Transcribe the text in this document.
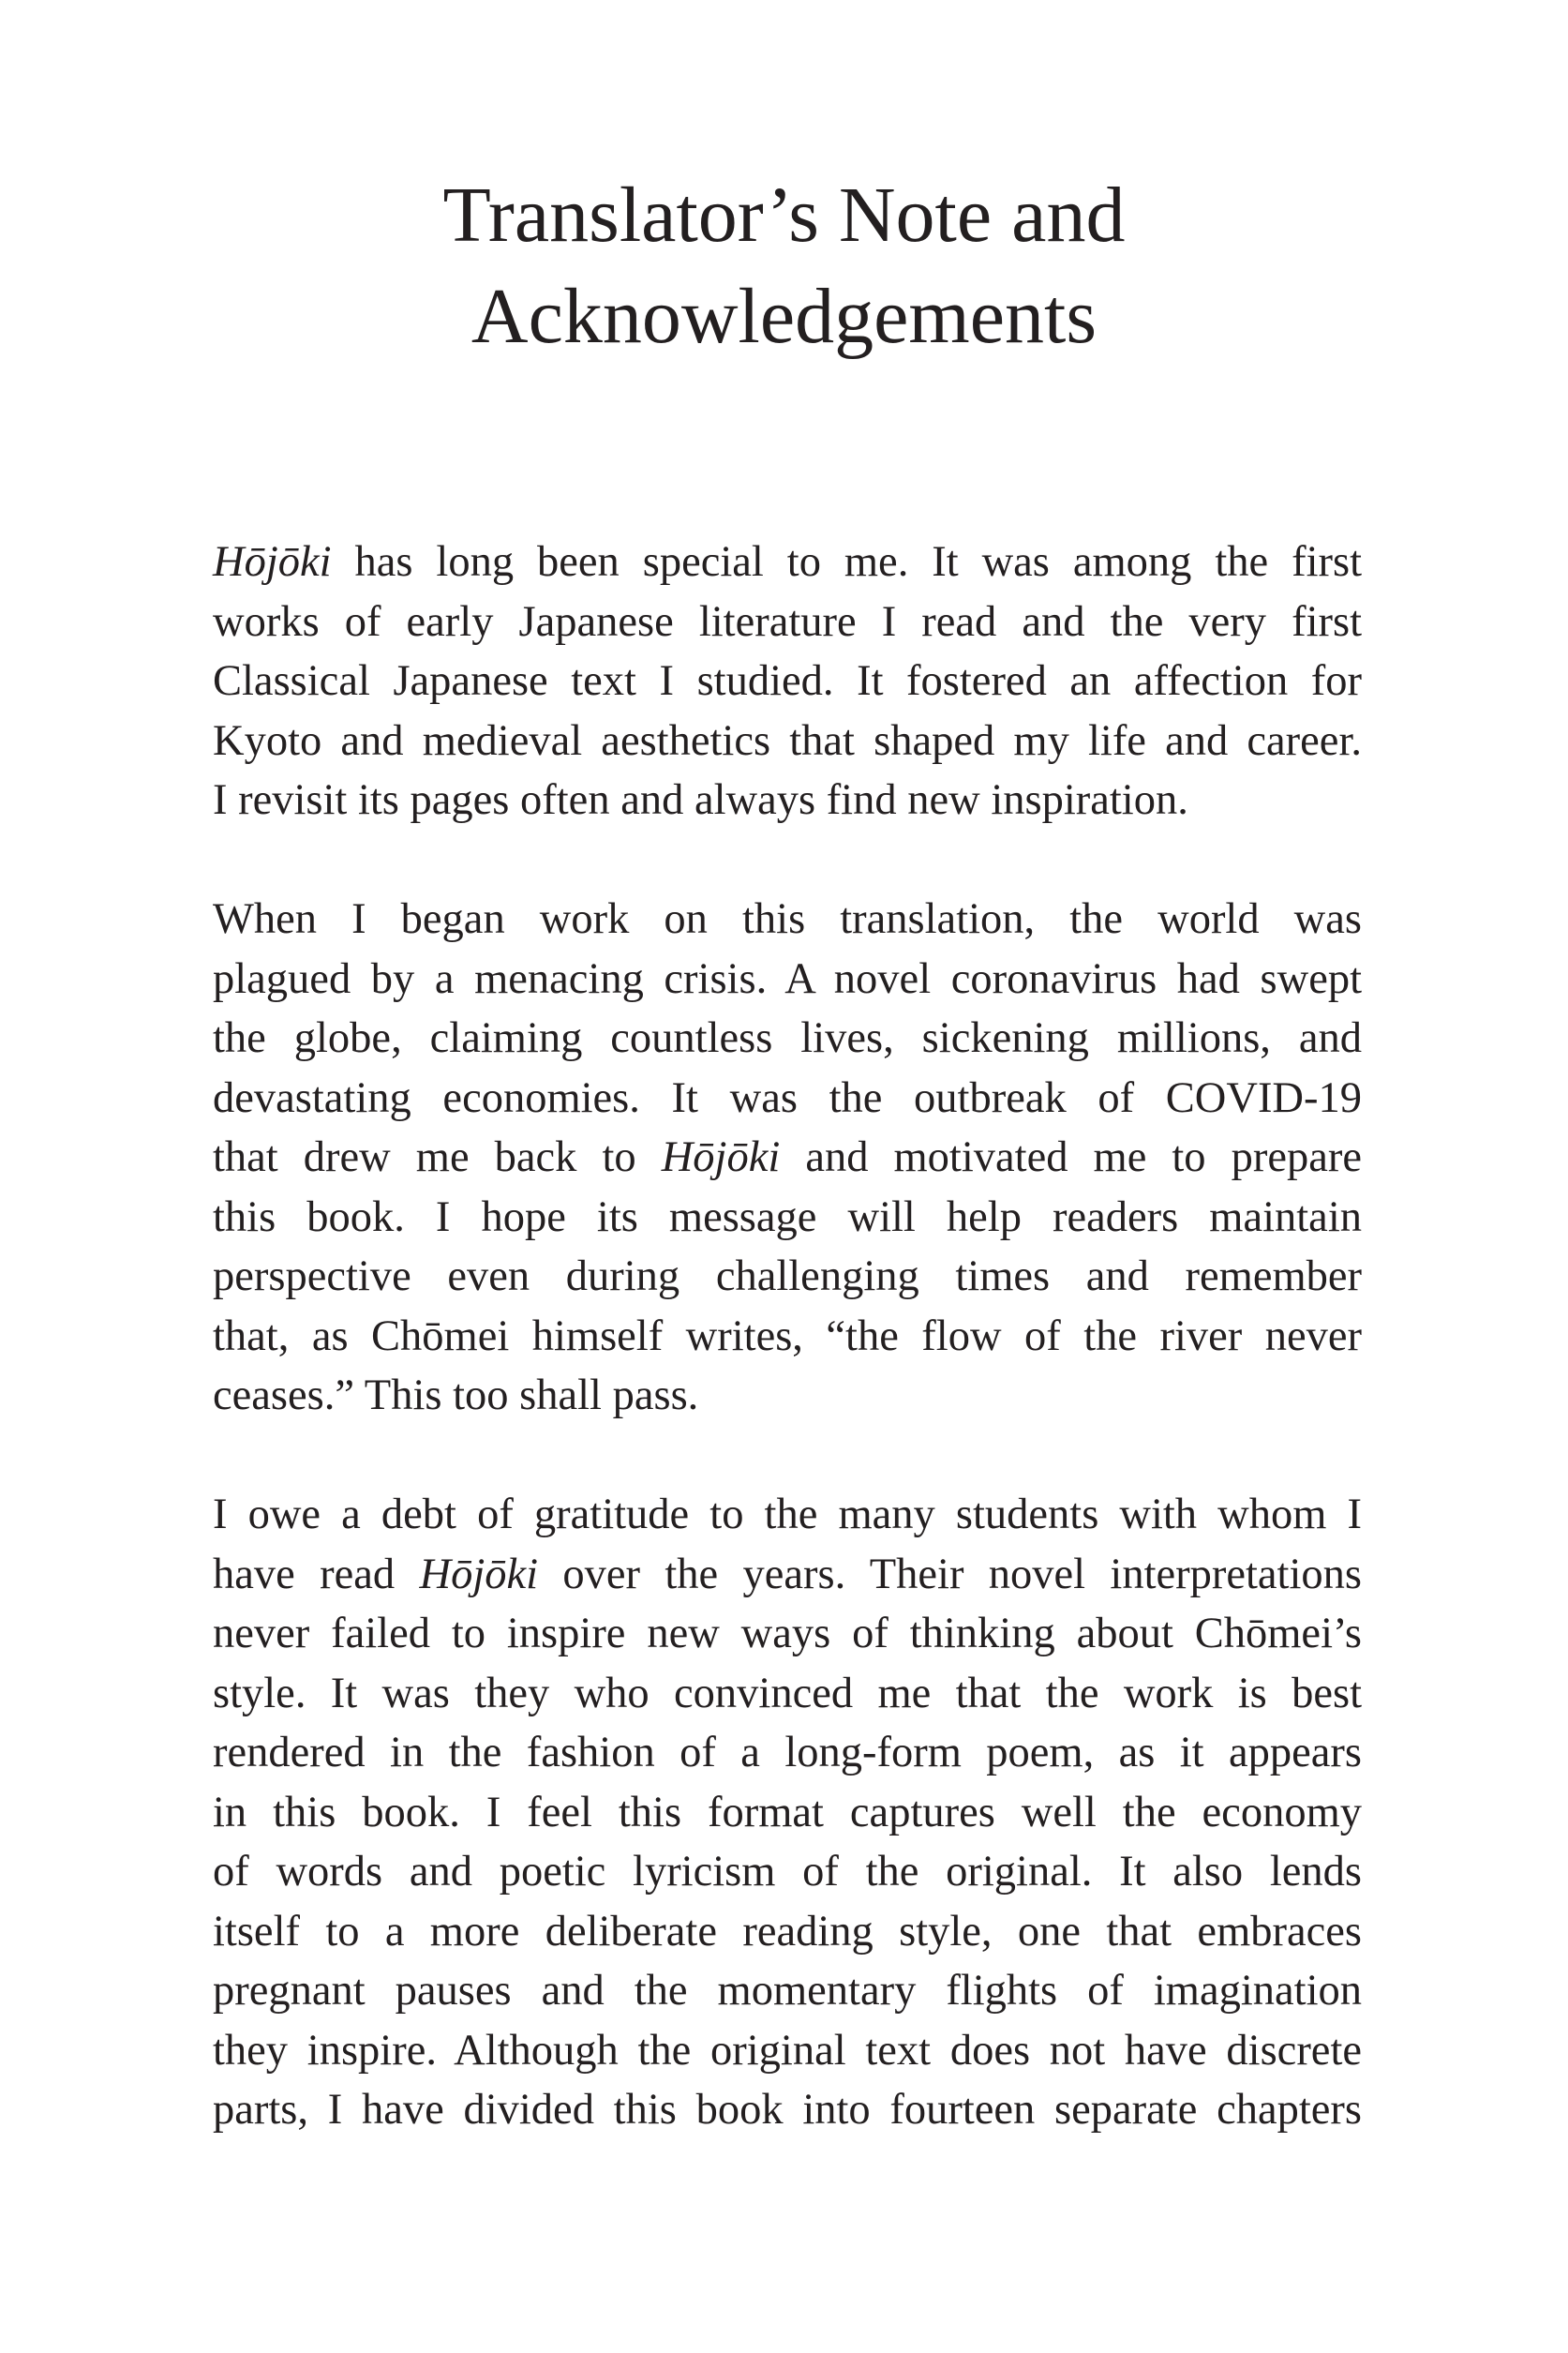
Translator’s Note and
Acknowledgements
Hōjōki has long been special to me. It was among the first
works of early Japanese literature I read and the very first
Classical Japanese text I studied. It fostered an affection for
Kyoto and medieval aesthetics that shaped my life and career.
I revisit its pages often and always find new inspiration.
When I began work on this translation, the world was
plagued by a menacing crisis. A novel coronavirus had swept
the globe, claiming countless lives, sickening millions, and
devastating economies. It was the outbreak of COVID-19
that drew me back to Hōjōki and motivated me to prepare
this book. I hope its message will help readers maintain
perspective even during challenging times and remember
that, as Chōmei himself writes, “the flow of the river never
ceases.” This too shall pass.
I owe a debt of gratitude to the many students with whom I
have read Hōjōki over the years. Their novel interpretations
never failed to inspire new ways of thinking about Chōmei’s
style. It was they who convinced me that the work is best
rendered in the fashion of a long-form poem, as it appears
in this book. I feel this format captures well the economy
of words and poetic lyricism of the original. It also lends
itself to a more deliberate reading style, one that embraces
pregnant pauses and the momentary flights of imagination
they inspire. Although the original text does not have discrete
parts, I have divided this book into fourteen separate chapters
